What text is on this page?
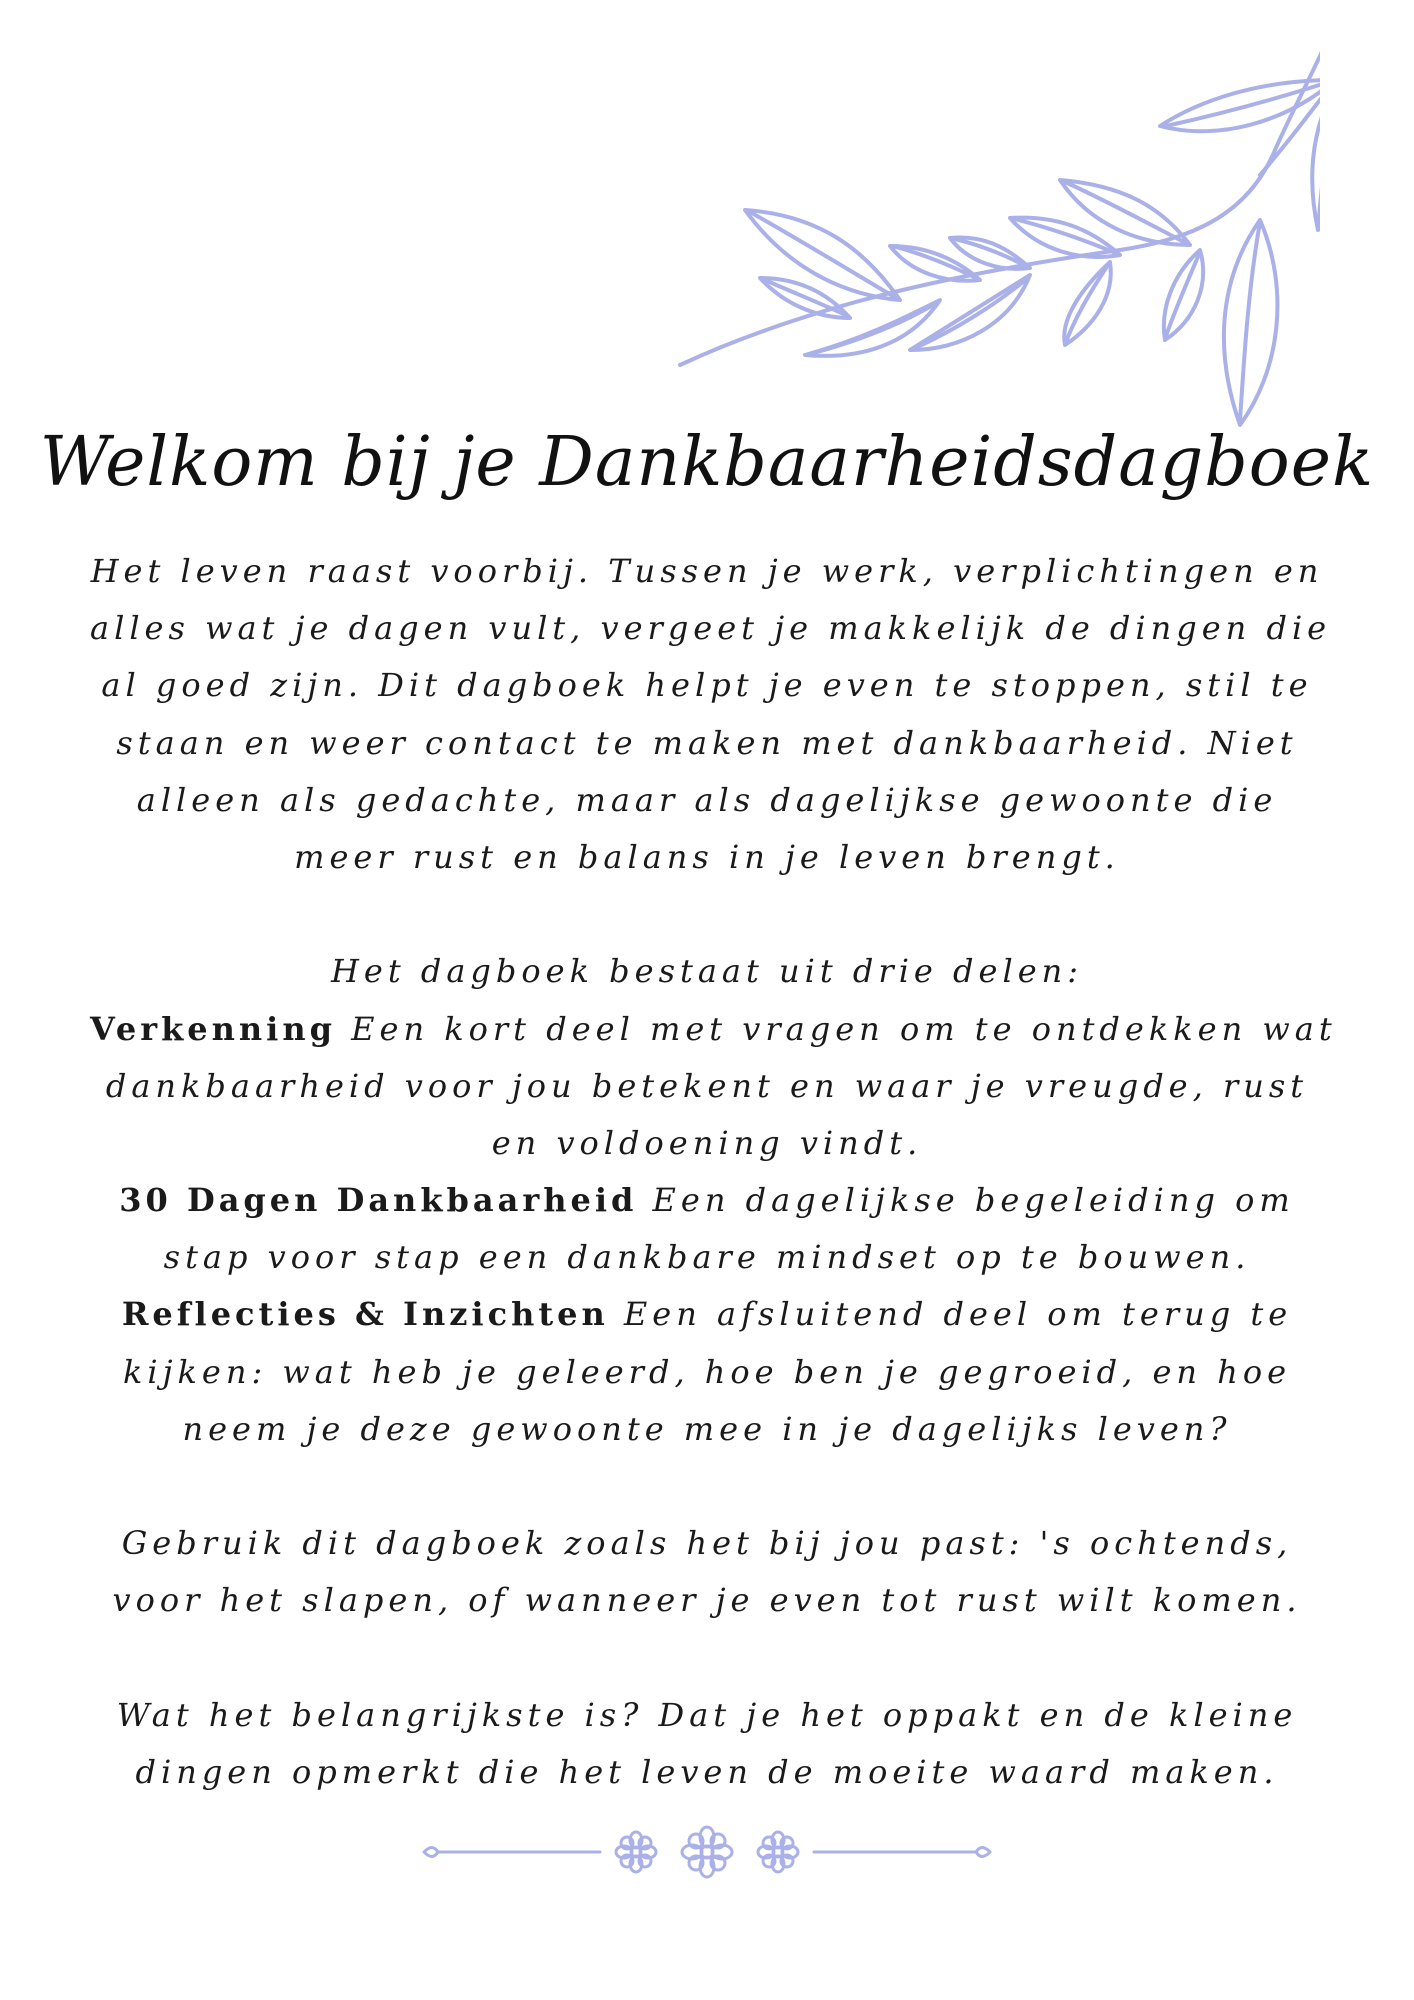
Welkom bij je Dankbaarheidsdagboek
Het leven raast voorbij. Tussen je werk, verplichtingen en
alles wat je dagen vult, vergeet je makkelijk de dingen die
al goed zijn. Dit dagboek helpt je even te stoppen, stil te
staan en weer contact te maken met dankbaarheid. Niet
alleen als gedachte, maar als dagelijkse gewoonte die
meer rust en balans in je leven brengt.
Het dagboek bestaat uit drie delen:
Verkenning Een kort deel met vragen om te ontdekken wat
dankbaarheid voor jou betekent en waar je vreugde, rust
en voldoening vindt.
30 Dagen Dankbaarheid Een dagelijkse begeleiding om
stap voor stap een dankbare mindset op te bouwen.
Reflecties & Inzichten Een afsluitend deel om terug te
kijken: wat heb je geleerd, hoe ben je gegroeid, en hoe
neem je deze gewoonte mee in je dagelijks leven?
Gebruik dit dagboek zoals het bij jou past: 's ochtends,
voor het slapen, of wanneer je even tot rust wilt komen.
Wat het belangrijkste is? Dat je het oppakt en de kleine
dingen opmerkt die het leven de moeite waard maken.
